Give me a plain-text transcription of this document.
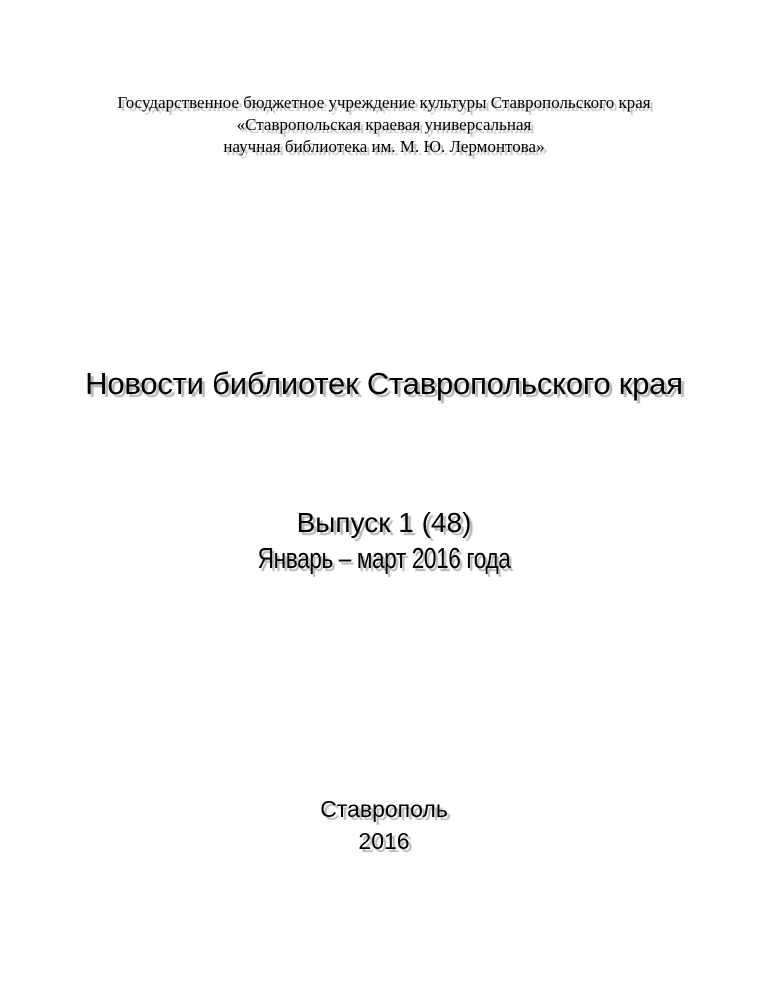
Государственное бюджетное учреждение культуры Ставропольского края
«Ставропольская краевая универсальная
научная библиотека им. М. Ю. Лермонтова»
Новости библиотек Ставропольского края
Выпуск 1 (48)
Январь – март 2016 года
Ставрополь
2016
